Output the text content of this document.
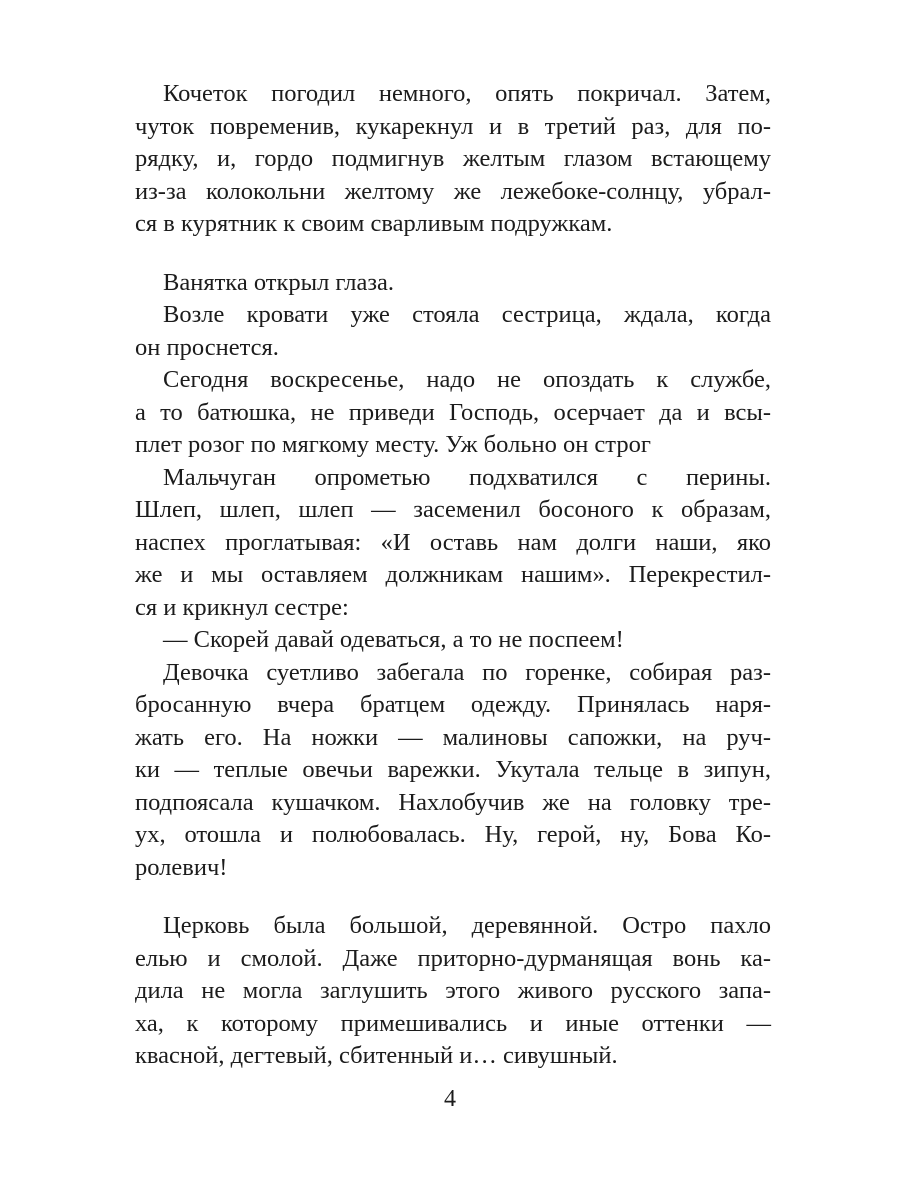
Кочеток погодил немного, опять покричал. Затем,
чуток повременив, кукарекнул и в третий раз, для по-
рядку, и, гордо подмигнув желтым глазом встающему
из-за колокольни желтому же лежебоке-солнцу, убрал-
ся в курятник к своим сварливым подружкам.
Ванятка открыл глаза.
Возле кровати уже стояла сестрица, ждала, когда
он проснется.
Сегодня воскресенье, надо не опоздать к службе,
а то батюшка, не приведи Господь, осерчает да и всы-
плет розог по мягкому месту. Уж больно он строг
Мальчуган опрометью подхватился с перины.
Шлеп, шлеп, шлеп — засеменил босоного к образам,
наспех проглатывая: «И оставь нам долги наши, яко
же и мы оставляем должникам нашим». Перекрестил-
ся и крикнул сестре:
— Скорей давай одеваться, а то не поспеем!
Девочка суетливо забегала по горенке, собирая раз-
бросанную вчера братцем одежду. Принялась наря-
жать его. На ножки — малиновы сапожки, на руч-
ки — теплые овечьи варежки. Укутала тельце в зипун,
подпоясала кушачком. Нахлобучив же на головку тре-
ух, отошла и полюбовалась. Ну, герой, ну, Бова Ко-
ролевич!
Церковь была большой, деревянной. Остро пахло
елью и смолой. Даже приторно-дурманящая вонь ка-
дила не могла заглушить этого живого русского запа-
ха, к которому примешивались и иные оттенки —
квасной, дегтевый, сбитенный и… сивушный.
4
